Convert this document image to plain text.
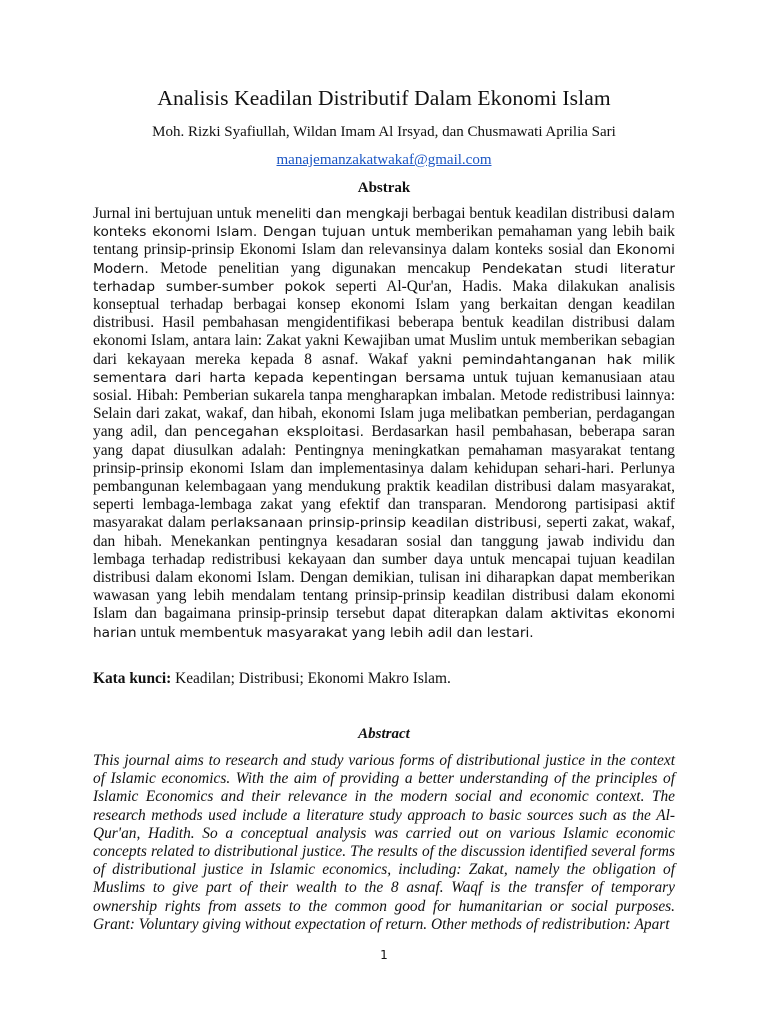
Analisis Keadilan Distributif Dalam Ekonomi Islam

Moh. Rizki Syafiullah, Wildan Imam Al Irsyad, dan Chusmawati Aprilia Sari

manajemanzakatwakaf@gmail.com

Abstrak

Jurnal ini bertujuan untuk meneliti dan mengkaji berbagai bentuk keadilan distribusi dalam konteks ekonomi Islam. Dengan tujuan untuk memberikan pemahaman yang lebih baik tentang prinsip-prinsip Ekonomi Islam dan relevansinya dalam konteks sosial dan Ekonomi Modern. Metode penelitian yang digunakan mencakup Pendekatan studi literatur terhadap sumber-sumber pokok seperti Al-Qur'an, Hadis. Maka dilakukan analisis konseptual terhadap berbagai konsep ekonomi Islam yang berkaitan dengan keadilan distribusi. Hasil pembahasan mengidentifikasi beberapa bentuk keadilan distribusi dalam ekonomi Islam, antara lain: Zakat yakni Kewajiban umat Muslim untuk memberikan sebagian dari kekayaan mereka kepada 8 asnaf. Wakaf yakni pemindahtanganan hak milik sementara dari harta kepada kepentingan bersama untuk tujuan kemanusiaan atau sosial. Hibah: Pemberian sukarela tanpa mengharapkan imbalan. Metode redistribusi lainnya: Selain dari zakat, wakaf, dan hibah, ekonomi Islam juga melibatkan pemberian, perdagangan yang adil, dan pencegahan eksploitasi. Berdasarkan hasil pembahasan, beberapa saran yang dapat diusulkan adalah: Pentingnya meningkatkan pemahaman masyarakat tentang prinsip-prinsip ekonomi Islam dan implementasinya dalam kehidupan sehari-hari. Perlunya pembangunan kelembagaan yang mendukung praktik keadilan distribusi dalam masyarakat, seperti lembaga-lembaga zakat yang efektif dan transparan. Mendorong partisipasi aktif masyarakat dalam perlaksanaan prinsip-prinsip keadilan distribusi, seperti zakat, wakaf, dan hibah. Menekankan pentingnya kesadaran sosial dan tanggung jawab individu dan lembaga terhadap redistribusi kekayaan dan sumber daya untuk mencapai tujuan keadilan distribusi dalam ekonomi Islam. Dengan demikian, tulisan ini diharapkan dapat memberikan wawasan yang lebih mendalam tentang prinsip-prinsip keadilan distribusi dalam ekonomi Islam dan bagaimana prinsip-prinsip tersebut dapat diterapkan dalam aktivitas ekonomi harian untuk membentuk masyarakat yang lebih adil dan lestari.

Kata kunci: Keadilan; Distribusi; Ekonomi Makro Islam.

Abstract

This journal aims to research and study various forms of distributional justice in the context of Islamic economics. With the aim of providing a better understanding of the principles of Islamic Economics and their relevance in the modern social and economic context. The research methods used include a literature study approach to basic sources such as the Al-Qur'an, Hadith. So a conceptual analysis was carried out on various Islamic economic concepts related to distributional justice. The results of the discussion identified several forms of distributional justice in Islamic economics, including: Zakat, namely the obligation of Muslims to give part of their wealth to the 8 asnaf. Waqf is the transfer of temporary ownership rights from assets to the common good for humanitarian or social purposes. Grant: Voluntary giving without expectation of return. Other methods of redistribution: Apart

1
